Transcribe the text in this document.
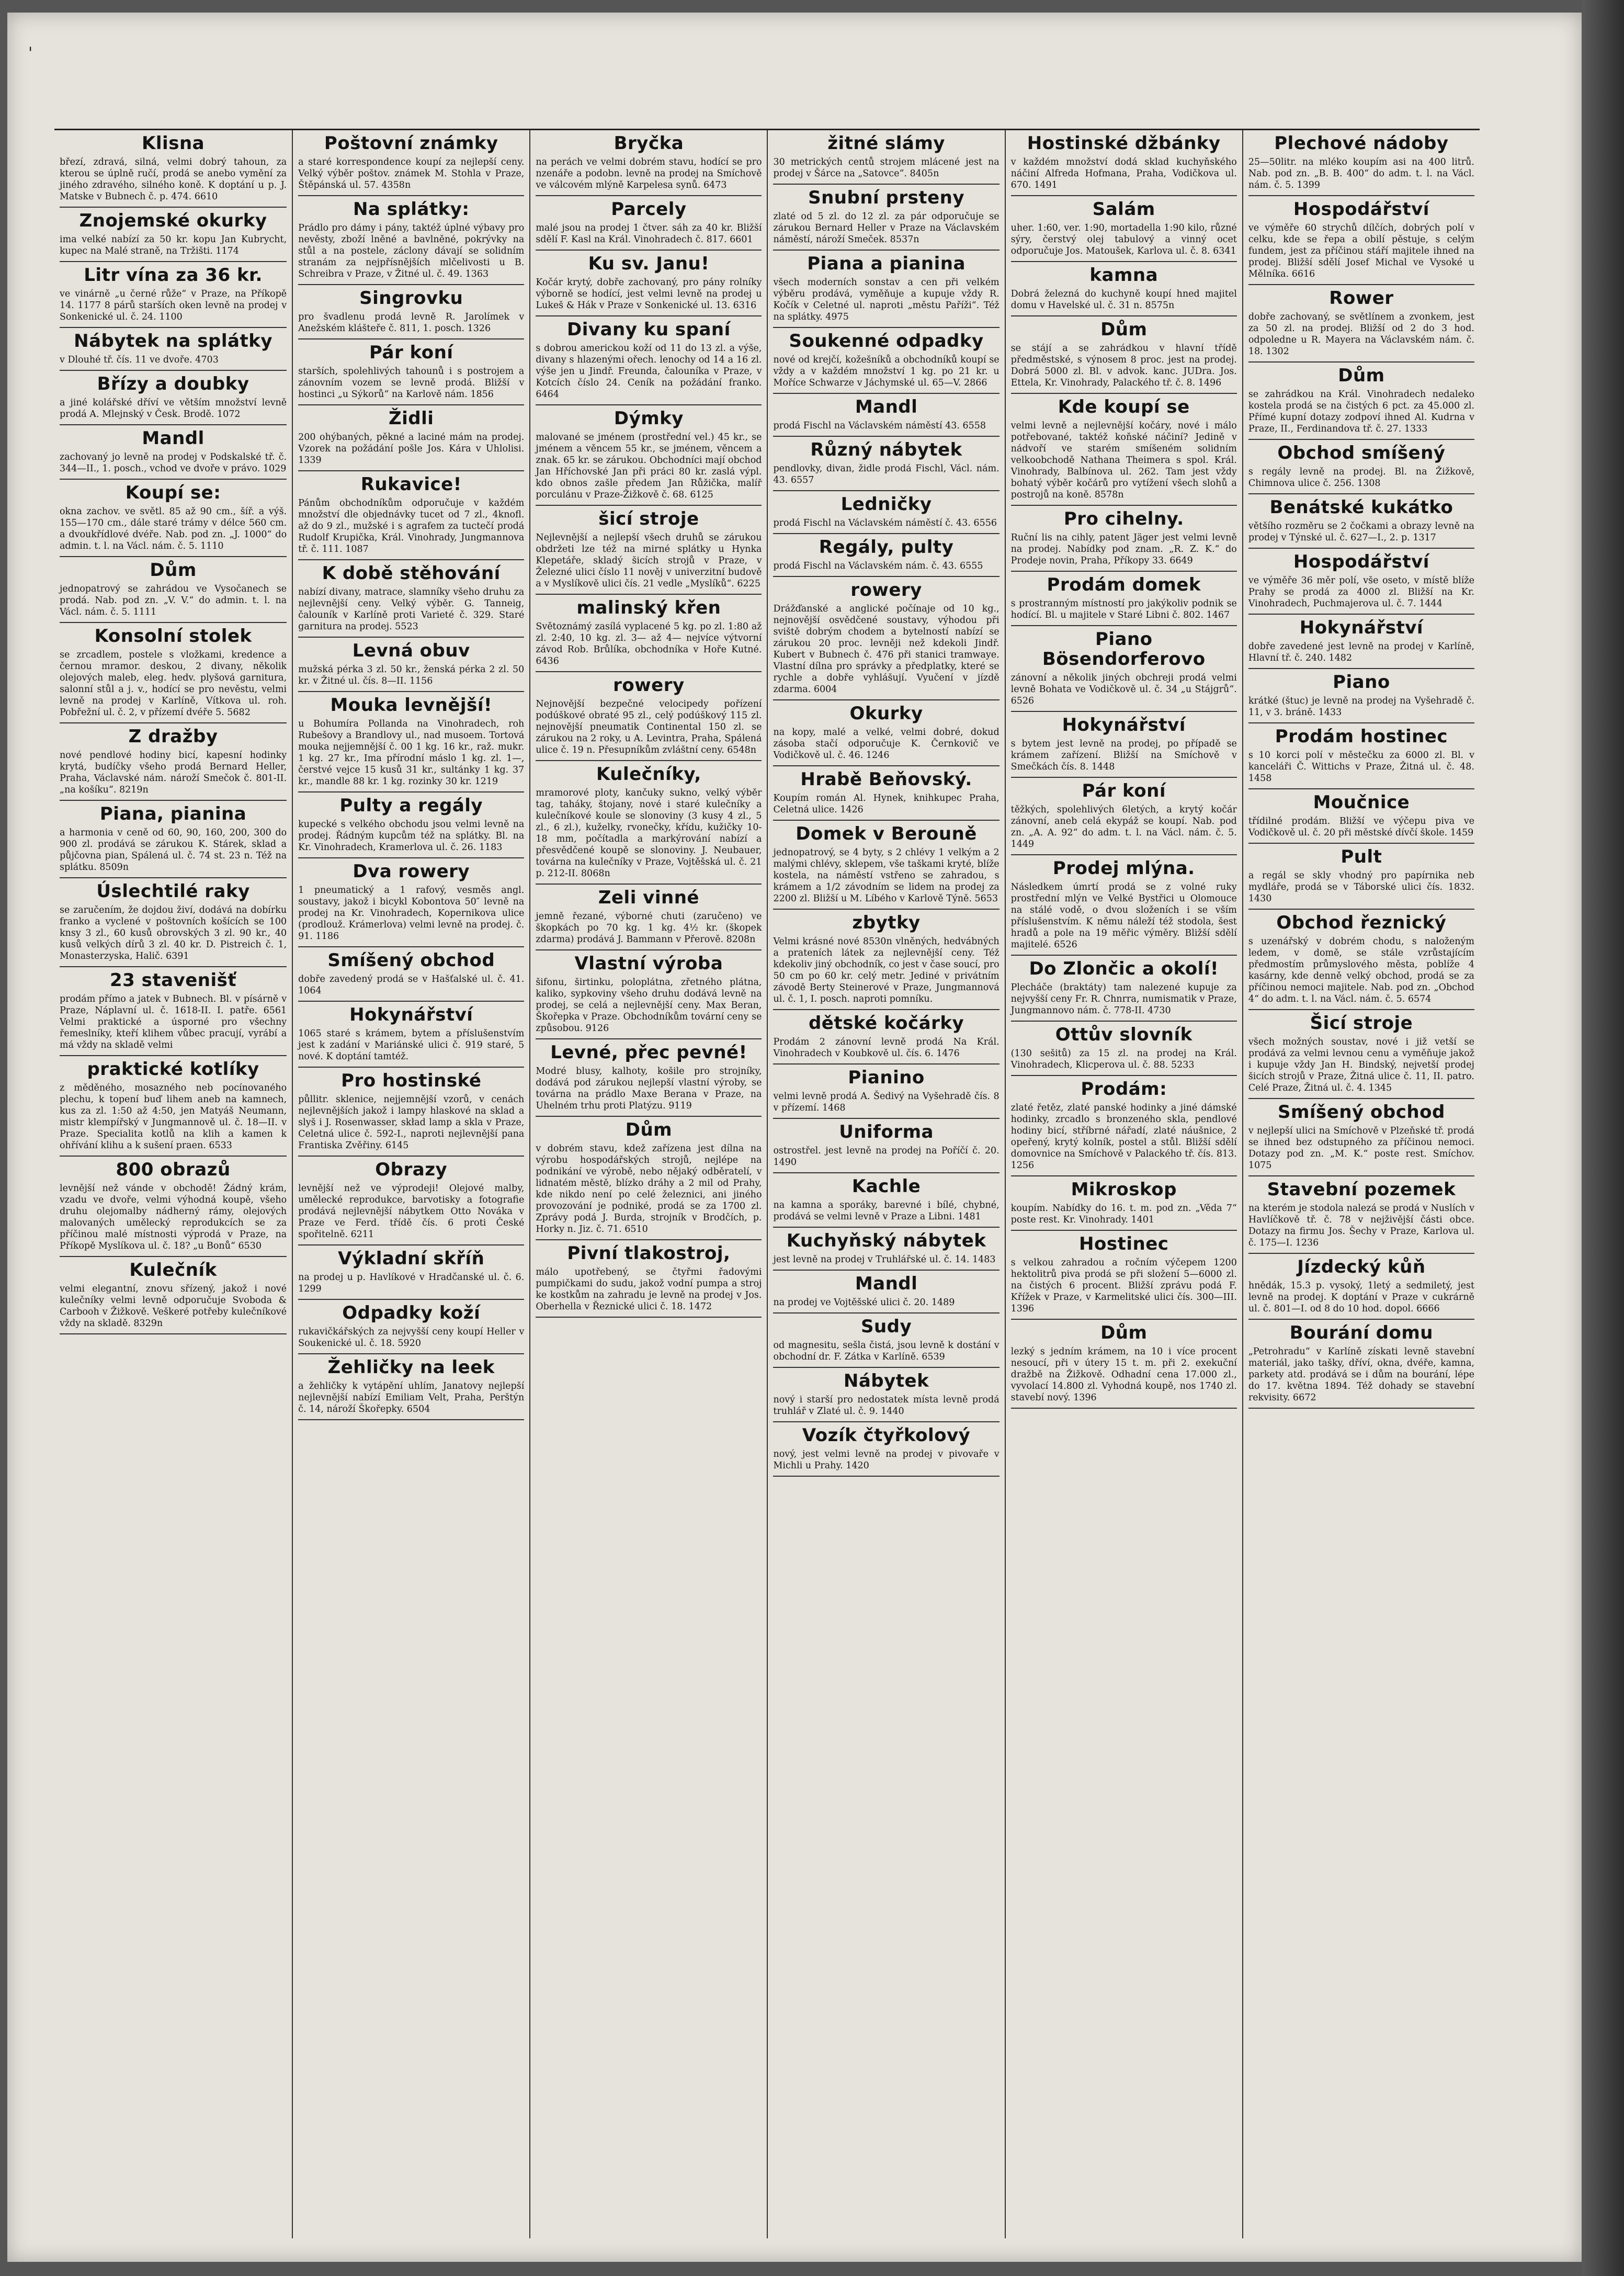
'
Klisna

březí, zdravá, silná, velmi dobrý tahoun, za kterou se úplně ručí, prodá se anebo vymění za jiného zdravého, silného koně. K doptání u p. J. Matske v Bubnech č. p. 474. 6610

Znojemské okurky

ima velké nabízí za 50 kr. kopu Jan Kubrycht, kupec na Malé straně, na Tržišti. 1174

Litr vína za 36 kr.

ve vinárně „u černé růže“ v Praze, na Příkopě 14. 1177 8 párů starších oken levně na prodej v Sonkenické ul. č. 24. 1100

Nábytek na splátky

v Dlouhé tř. čís. 11 ve dvoře. 4703

Břízy a doubky

a jiné kolářské dříví ve větším množství levně prodá A. Mlejnský v Česk. Brodě. 1072

Mandl

zachovaný jo levně na prodej v Podskalské tř. č. 344—II., 1. posch., vchod ve dvoře v právo. 1029

Koupí se:

okna zachov. ve světl. 85 až 90 cm., šíř. a výš. 155—170 cm., dále staré trámy v délce 560 cm. a dvoukřídlové dvéře. Nab. pod zn. „J. 1000“ do admin. t. l. na Václ. nám. č. 5. 1110

Dům

jednopatrový se zahrádou ve Vysočanech se prodá. Nab. pod zn. „V. V.“ do admin. t. l. na Václ. nám. č. 5. 1111

Konsolní stolek

se zrcadlem, postele s vložkami, kredence a černou mramor. deskou, 2 divany, několik olejových maleb, eleg. hedv. plyšová garnitura, salonní stůl a j. v., hodící se pro nevěstu, velmi levně na prodej v Karlíně, Vítkova ul. roh. Pobřežní ul. č. 2, v přízemí dvéře 5. 5682

Z dražby

nové pendlové hodiny bicí, kapesní hodinky krytá, budíčky všeho prodá Bernard Heller, Praha, Václavské nám. nároží Smečok č. 801-II. „na košíku“. 8219n

Piana, pianina

a harmonia v ceně od 60, 90, 160, 200, 300 do 900 zl. prodává se zárukou K. Stárek, sklad a půjčovna pian, Spálená ul. č. 74 st. 23 n. Též na splátku. 8509n

Úslechtilé raky

se zaručením, že dojdou živí, dodává na dobírku franko a vyclené v poštovních košících se 100 knsy 3 zl., 60 kusů obrovských 3 zl. 90 kr., 40 kusů velkých dírů 3 zl. 40 kr. D. Pistreich č. 1, Monasterzyska, Halič. 6391

23 stavenišť

prodám přímo a jatek v Bubnech. Bl. v písárně v Praze, Náplavní ul. č. 1618-II. I. patře. 6561 Velmi praktické a úsporné pro všechny řemeslníky, kteří klihem vůbec pracují, vyrábí a má vždy na skladě velmi

praktické kotlíky

z měděného, mosazného neb pocínovaného plechu, k topení buď lihem aneb na kamnech, kus za zl. 1:50 až 4:50, jen Matyáš Neumann, mistr klempířský v Jungmannově ul. č. 18—II. v Praze. Specialita kotlů na klih a kamen k ohřívání klihu a k sušení praen. 6533

800 obrazů

levnější než vánde v obchodě! Žádný krám, vzadu ve dvoře, velmi výhodná koupě, všeho druhu olejomalby nádherný rámy, olejových malovaných umělecký reprodukcích se za příčinou malé místnosti výprodá v Praze, na Příkopě Myslíkova ul. č. 18? „u Bonů“ 6530

Kulečník

velmi elegantní, znovu sřízený, jakož i nové kulečníky velmi levně odporučuje Svoboda & Carbooh v Žižkově. Veškeré potřeby kulečníkové vždy na skladě. 8329n

Poštovní známky

a staré korrespondence koupí za nejlepší ceny. Velký výběr poštov. známek M. Stohla v Praze, Štěpánská ul. 57. 4358n

Na splátky:

Prádlo pro dámy i pány, taktéž úplné výbavy pro nevěsty, zboží lněné a bavlněné, pokrývky na stůl a na postele, záclony dávají se solidním stranám za nejpřísnějších mlčelivosti u B. Schreibra v Praze, v Žitné ul. č. 49. 1363

Singrovku

pro švadlenu prodá levně R. Jarolímek v Anežském klášteře č. 811, 1. posch. 1326

Pár koní

starších, spolehlivých tahounů i s postrojem a zánovním vozem se levně prodá. Bližší v hostinci „u Sýkorů“ na Karlově nám. 1856

Židli

200 ohýbaných, pěkné a laciné mám na prodej. Vzorek na požádání pošle Jos. Kára v Uhlolisi. 1339

Rukavice!

Pánům obchodníkům odporučuje v každém množství dle objednávky tucet od 7 zl., 4knofl. až do 9 zl., mužské i s agrafem za tuctečí prodá Rudolf Krupička, Král. Vinohrady, Jungmannova tř. č. 111. 1087

K době stěhování

nabízí divany, matrace, slamníky všeho druhu za nejlevnější ceny. Velký výběr. G. Tanneig, čalouník v Karlíně proti Varieté č. 329. Staré garnitura na prodej. 5523

Levná obuv

mužská pérka 3 zl. 50 kr., ženská pérka 2 zl. 50 kr. v Žitné ul. čís. 8—II. 1156

Mouka levnější!

u Bohumíra Pollanda na Vinohradech, roh Rubešovy a Brandlovy ul., nad musoem. Tortová mouka nejjemnější č. 00 1 kg. 16 kr., raž. mukr. 1 kg. 27 kr., Ima přírodní máslo 1 kg. zl. 1—, čerstvé vejce 15 kusů 31 kr., sultánky 1 kg. 37 kr., mandle 88 kr. 1 kg. rozinky 30 kr. 1219

Pulty a regály

kupecké s velkého obchodu jsou velmi levně na prodej. Řádným kupcům též na splátky. Bl. na Kr. Vinohradech, Kramerlova ul. č. 26. 1183

Dva rowery

1 pneumatický a 1 rafový, vesměs angl. soustavy, jakož i bicykl Kobontova 50″ levně na prodej na Kr. Vinohradech, Kopernikova ulice (prodlouž. Krámerlova) velmi levně na prodej. č. 91. 1186

Smíšený obchod

dobře zavedený prodá se v Hašťalské ul. č. 41. 1064

Hokynářství

1065 staré s krámem, bytem a příslušenstvím jest k zadání v Mariánské ulici č. 919 staré, 5 nové. K doptání tamtéž.

Pro hostinské

půllitr. sklenice, nejjemnější vzorů, v cenách nejlevnějších jakož i lampy hlaskové na sklad a slyš i J. Rosenwasser, skład lamp a skla v Praze, Celetná ulice č. 592-I., naproti nejlevnější pana Frantiska Zvěřiny. 6145

Obrazy

levnější než ve výprodeji! Olejové malby, umělecké reprodukce, barvotisky a fotografie prodává nejlevnější nábytkem Otto Nováka v Praze ve Ferd. třídě čís. 6 proti České spořitelně. 6211

Výkladní skříň

na prodej u p. Havlíkové v Hradčanské ul. č. 6. 1299

Odpadky koží

rukavičkářských za nejvyšší ceny koupí Heller v Soukenické ul. č. 18. 5920

Žehličky na leek

a žehličky k vytápění uhlím, Janatovy nejlepší nejlevnější nabízí Emiliam Velt, Praha, Perštýn č. 14, nároží Škořepky. 6504

Bryčka

na perách ve velmi dobrém stavu, hodící se pro nzenáře a podobn. levně na prodej na Smíchově ve válcovém mlýně Karpelesa synů. 6473

Parcely

malé jsou na prodej 1 čtver. sáh za 40 kr. Bližší sdělí F. Kasl na Král. Vinohradech č. 817. 6601

Ku sv. Janu!

Kočár krytý, dobře zachovaný, pro pány rolníky výborně se hodící, jest velmi levně na prodej u Lukeš & Hák v Praze v Sonkenické ul. 13. 6316

Divany ku spaní

s dobrou americkou koží od 11 do 13 zl. a výše, divany s hlazenými ořech. lenochy od 14 a 16 zl. výše jen u Jindř. Freunda, čalouníka v Praze, v Kotcích číslo 24. Ceník na požádání franko. 6464

Dýmky

malované se jménem (prostřední vel.) 45 kr., se jménem a věncem 55 kr., se jménem, věncem a znak. 65 kr. se zárukou. Obchodníci mají obchod Jan Hříchovské Jan při práci 80 kr. zaslá výpl. kdo obnos zašle předem Jan Růžička, malíř porculánu v Praze-Žižkově č. 68. 6125

šicí stroje

Nejlevnější a nejlepší všech druhů se zárukou obdržeti lze též na mirné splátky u Hynka Klepetáře, skladý šicích strojů v Praze, v Železné ulici číslo 11 nověj v univerzitní budově a v Myslíkově ulici čís. 21 vedle „Myslíků“. 6225

malinský křen

Světoznámý zasílá vyplacené 5 kg. po zl. 1:80 až zl. 2:40, 10 kg. zl. 3— až 4— nejvíce výtvorní závod Rob. Brůlíka, obchodníka v Hoře Kutné. 6436

rowery

Nejnovější bezpečné velocipedy pořízení podúškové obraté 95 zl., celý podúškový 115 zl. nejnovější pneumatik Continental 150 zl. se zárukou na 2 roky, u A. Levintra, Praha, Spálená ulice č. 19 n. Přesupníkům zvláštní ceny. 6548n

Kulečníky,

mramorové ploty, kančuky sukno, velký výběr tag, taháky, štojany, nové i staré kulečníky a kulečníkové koule se slonoviny (3 kusy 4 zl., 5 zl., 6 zl.), kuželky, rvonečky, křídu, kužičky 10-18 mm, počítadla a markýrování nabízí a přesvědčené koupě se slonoviny. J. Neubauer, továrna na kulečníky v Praze, Vojtěšská ul. č. 21 p. 212-II. 8068n

Zeli vinné

jemně řezané, výborné chuti (zaručeno) ve škopkách po 70 kg. 1 kg. 4½ kr. (škopek zdarma) prodává J. Bammann v Přerově. 8208n

Vlastní výroba

šifonu, širtinku, poloplátna, zřetného plátna, kaliko, sypkoviny všeho druhu dodává levně na prodej, se celá a nejlevnější ceny. Max Beran, Škořepka v Praze. Obchodníkům tovární ceny se způsobou. 9126

Levné, přec pevné!

Modré blusy, kalhoty, košile pro strojníky, dodává pod zárukou nejlepší vlastní výroby, se továrna na prádlo Maxe Berana v Praze, na Uhelném trhu proti Platýzu. 9119

Dům

v dobrém stavu, kdež zařízena jest dílna na výrobu hospodářských strojů, nejlépe na podnikání ve výrobě, nebo nějaký odběratelí, v lidnatém městě, blízko dráhy a 2 mil od Prahy, kde nikdo není po celé železnici, ani jiného provozování je podniké, prodá se za 1700 zl. Zprávy podá J. Burda, strojník v Brodčích, p. Horky n. Jiz. č. 71. 6510

Pivní tlakostroj,

málo upotřebený, se čtyřmi řadovými pumpičkami do sudu, jakož vodní pumpa a stroj ke kostkům na zahradu je levně na prodej v Jos. Oberhella v Řeznické ulici č. 18. 1472

žitné slámy

30 metrických centů strojem mlácené jest na prodej v Šárce na „Satovce“. 8405n

Snubní prsteny

zlaté od 5 zl. do 12 zl. za pár odporučuje se zárukou Bernard Heller v Praze na Václavském náměstí, nároží Smeček. 8537n

Piana a pianina

všech moderních sonstav a cen při velkém výběru prodává, vyměňuje a kupuje vždy R. Kočík v Celetné ul. naproti „městu Paříži“. Též na splátky. 4975

Soukenné odpadky

nové od krejčí, kožešníků a obchodníků koupí se vždy a v každém množství 1 kg. po 21 kr. u Moříce Schwarze v Jáchymské ul. 65—V. 2866

Mandl

prodá Fischl na Václavském náměstí 43. 6558

Různý nábytek

pendlovky, divan, židle prodá Fischl, Václ. nám. 43. 6557

Ledničky

prodá Fischl na Václavském náměstí č. 43. 6556

Regály, pulty

prodá Fischl na Václavském nám. č. 43. 6555

rowery

Drážďanské a anglické počínaje od 10 kg., nejnovější osvědčené soustavy, výhodou při sviště dobrým chodem a bytelností nabízí se zárukou 20 proc. levněji než kdekoli Jindř. Kubert v Bubnech č. 476 při stanici tramwaye. Vlastní dílna pro správky a předplatky, které se rychle a dobře vyhlášují. Vyučení v jízdě zdarma. 6004

Okurky

na kopy, malé a velké, velmi dobré, dokud zásoba stačí odporučuje K. Černkovič ve Vodičkově ul. č. 46. 1246

Hrabě Beňovský.

Koupím román Al. Hynek, knihkupec Praha, Celetná ulice. 1426

Domek v Berouně

jednopatrový, se 4 byty, s 2 chlévy 1 velkým a 2 malými chlévy, sklepem, vše taškami kryté, blíže kostela, na náměstí vstřeno se zahradou, s krámem a 1/2 závodním se lidem na prodej za 2200 zl. Bližší u M. Líbého v Karlově Týně. 5653

zbytky

Velmi krásné nové 8530n vlněných, hedvábných a prateních látek za nejlevnější ceny. Též kdekoliv jiný obchodník, co jest v čase soucí, pro 50 cm po 60 kr. celý metr. Jediné v privátním závodě Berty Steinerové v Praze, Jungmannová ul. č. 1, I. posch. naproti pomníku.

dětské kočárky

Prodám 2 zánovní levně prodá Na Král. Vinohradech v Koubkově ul. čís. 6. 1476

Pianino

velmi levně prodá A. Šedivý na Vyšehradě čís. 8 v přízemí. 1468

Uniforma

ostrostřel. jest levně na prodej na Poříčí č. 20. 1490

Kachle

na kamna a sporáky, barevné i bílé, chybné, prodává se velmi levně v Praze a Libni. 1481

Kuchyňský nábytek

jest levně na prodej v Truhlářské ul. č. 14. 1483

Mandl

na prodej ve Vojtěšské ulici č. 20. 1489

Sudy

od magnesitu, sešla čistá, jsou levně k dostání v obchodní dr. F. Zátka v Karlíně. 6539

Nábytek

nový i starší pro nedostatek místa levně prodá truhlář v Zlaté ul. č. 9. 1440

Vozík čtyřkolový

nový, jest velmi levně na prodej v pivovaře v Michli u Prahy. 1420

Hostinské džbánky

v každém množství dodá sklad kuchyňského náčiní Alfreda Hofmana, Praha, Vodičkova ul. 670. 1491

Salám

uher. 1:60, ver. 1:90, mortadella 1:90 kilo, různé sýry, čerstvý olej tabulový a vinný ocet odporučuje Jos. Matoušek, Karlova ul. č. 8. 6341

kamna

Dobrá železná do kuchyně koupí hned majitel domu v Havelské ul. č. 31 n. 8575n

Dům

se stájí a se zahrádkou v hlavní třídě předměstské, s výnosem 8 proc. jest na prodej. Dobrá 5000 zl. Bl. v advok. kanc. JUDra. Jos. Ettela, Kr. Vinohrady, Palackého tř. č. 8. 1496

Kde koupí se

velmi levně a nejlevnější kočáry, nové i málo potřebované, taktéž koňské náčiní? Jedině v nádvoří ve starém smíšeném solidním velkoobchodě Nathana Theimera s spol. Král. Vinohrady, Balbínova ul. 262. Tam jest vždy bohatý výběr kočárů pro vytížení všech slohů a postrojů na koně. 8578n

Pro cihelny.

Ruční lis na cihly, patent Jäger jest velmi levně na prodej. Nabídky pod znam. „R. Z. K.“ do Prodeje novin, Praha, Příkopy 33. 6649

Prodám domek

s prostranným místností pro jakýkoliv podnik se hodící. Bl. u majitele v Staré Libni č. 802. 1467

Piano Bösendorferovo

zánovní a několik jiných obchreji prodá velmi levně Bohata ve Vodičkově ul. č. 34 „u Stájgrů“. 6526

Hokynářství

s bytem jest levně na prodej, po případě se krámem zařízení. Bližší na Smíchově v Smečkách čís. 8. 1448

Pár koní

těžkých, spolehlivých 6letých, a krytý kočár zánovní, aneb celá ekypáž se koupí. Nab. pod zn. „A. A. 92“ do adm. t. l. na Václ. nám. č. 5. 1449

Prodej mlýna.

Následkem úmrtí prodá se z volné ruky prostřední mlýn ve Velké Bystřici u Olomouce na stálé vodě, o dvou složeních i se vším příslušenstvím. K němu náleží též stodola, šest hradů a pole na 19 měřic výměry. Bližší sdělí majitelé. 6526

Do Zlončic a okolí!

Plecháče (braktáty) tam nalezené kupuje za nejvyšší ceny Fr. R. Chnrra, numismatik v Praze, Jungmannovo nám. č. 778-II. 4730

Ottův slovník

(130 sešitů) za 15 zl. na prodej na Král. Vinohradech, Klicperova ul. č. 88. 5233

Prodám:

zlaté řetěz, zlaté panské hodinky a jiné dámské hodinky, zrcadlo s bronzeného skla, pendlové hodiny bicí, stříbrné nářadí, zlaté náušnice, 2 opeřený, krytý kolník, postel a stůl. Bližší sdělí domovnice na Smíchově v Palackého tř. čís. 813. 1256

Mikroskop

koupím. Nabídky do 16. t. m. pod zn. „Věda 7“ poste rest. Kr. Vinohrady. 1401

Hostinec

s velkou zahradou a ročním výčepem 1200 hektolitrů piva prodá se při složení 5—6000 zl. na čistých 6 procent. Bližší zprávu podá F. Křížek v Praze, v Karmelitské ulici čís. 300—III. 1396

Dům

lezký s jedním krámem, na 10 i více procent nesoucí, při v útery 15 t. m. při 2. exekuční dražbě na Žižkově. Odhadní cena 17.000 zl., vyvolací 14.800 zl. Vyhodná koupě, nos 1740 zl. stavebí nový. 1396

Plechové nádoby

25—50litr. na mléko koupím asi na 400 litrů. Nab. pod zn. „B. B. 400“ do adm. t. l. na Václ. nám. č. 5. 1399

Hospodářství

ve výměře 60 strychů dílčích, dobrých polí v celku, kde se řepa a obilí pěstuje, s celým fundem, jest za příčinou stáří majitele ihned na prodej. Bližší sdělí Josef Michal ve Vysoké u Mělníka. 6616

Rower

dobře zachovaný, se světlínem a zvonkem, jest za 50 zl. na prodej. Bližší od 2 do 3 hod. odpoledne u R. Mayera na Václavském nám. č. 18. 1302

Dům

se zahrádkou na Král. Vinohradech nedaleko kostela prodá se na čistých 6 pct. za 45.000 zl. Přímé kupní dotazy zodpoví ihned Al. Kudrna v Praze, II., Ferdinandova tř. č. 27. 1333

Obchod smíšený

s regály levně na prodej. Bl. na Žižkově, Chimnova ulice č. 256. 1308

Benátské kukátko

většího rozměru se 2 čočkami a obrazy levně na prodej v Týnské ul. č. 627—I., 2. p. 1317

Hospodářství

ve výměře 36 měr polí, vše oseto, v místě blíže Prahy se prodá za 4000 zl. Bližší na Kr. Vinohradech, Puchmajerova ul. č. 7. 1444

Hokynářství

dobře zavedené jest levně na prodej v Karlíně, Hlavní tř. č. 240. 1482

Piano

krátké (štuc) je levně na prodej na Vyšehradě č. 11, v 3. bráně. 1433

Prodám hostinec

s 10 korci polí v městečku za 6000 zl. Bl. v kanceláři Č. Wittichs v Praze, Žitná ul. č. 48. 1458

Moučnice

třídilné prodám. Bližší ve výčepu piva ve Vodičkově ul. č. 20 při městské dívčí škole. 1459

Pult

a regál se skly vhodný pro papírnika neb mydláře, prodá se v Táborské ulici čís. 1832. 1430

Obchod řeznický

s uzenářský v dobrém chodu, s naloženým ledem, v domě, se stále vzrůstajícím předmostím průmyslového města, poblíže 4 kasárny, kde denně velký obchod, prodá se za příčinou nemoci majitele. Nab. pod zn. „Obchod 4“ do adm. t. l. na Václ. nám. č. 5. 6574

Šicí stroje

všech možných soustav, nové i již vetší se prodává za velmi levnou cenu a vyměňuje jakož i kupuje vždy Jan H. Bindský, nejvetší prodej šicích strojů v Praze, Žitná ulice č. 11, II. patro. Celé Praze, Žitná ul. č. 4. 1345

Smíšený obchod

v nejlepší ulici na Smíchově v Plzeňské tř. prodá se ihned bez odstupného za příčinou nemoci. Dotazy pod zn. „M. K.“ poste rest. Smíchov. 1075

Stavební pozemek

na kterém je stodola nalezá se prodá v Nuslích v Havlíčkově tř. č. 78 v nejživější části obce. Dotazy na firmu Jos. Šechy v Praze, Karlova ul. č. 175—I. 1236

Jízdecký kůň

hnědák, 15.3 p. vysoký, 1letý a sedmiletý, jest levně na prodej. K doptání v Praze v cukrárně ul. č. 801—I. od 8 do 10 hod. dopol. 6666

Bourání domu

„Petrohradu“ v Karlíně získati levně stavební materiál, jako tašky, dříví, okna, dvéře, kamna, parkety atd. prodává se i dům na bourání, lépe do 17. května 1894. Též dohady se stavební rekvisity. 6672
